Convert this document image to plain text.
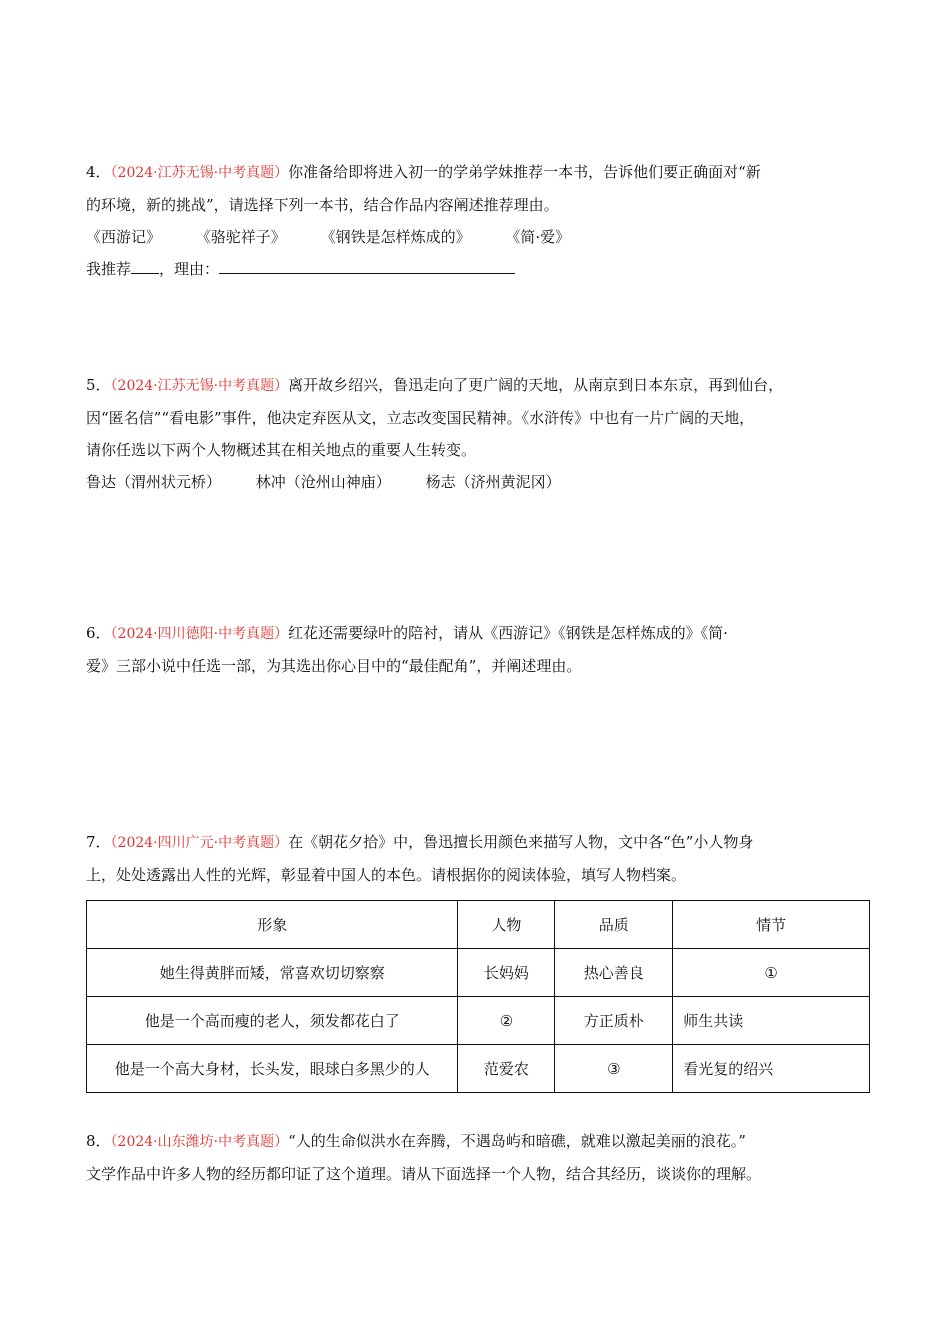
4．（2024·江苏无锡·中考真题）你准备给即将进入初一的学弟学妹推荐一本书，告诉他们要正确面对“新
的环境，新的挑战”，请选择下列一本书，结合作品内容阐述推荐理由。
《西游记》 《骆驼祥子》 《钢铁是怎样炼成的》 《简·爱》
我推荐 ，理由：
5．（2024·江苏无锡·中考真题）离开故乡绍兴，鲁迅走向了更广阔的天地，从南京到日本东京，再到仙台，
因“匿名信”“看电影”事件，他决定弃医从文，立志改变国民精神。《水浒传》中也有一片广阔的天地，
请你任选以下两个人物概述其在相关地点的重要人生转变。
鲁达（渭州状元桥） 林冲（沧州山神庙） 杨志（济州黄泥冈）
6．（2024·四川德阳·中考真题）红花还需要绿叶的陪衬，请从《西游记》《钢铁是怎样炼成的》《简·
爱》三部小说中任选一部，为其选出你心目中的“最佳配角”，并阐述理由。
7．（2024·四川广元·中考真题）在《朝花夕拾》中，鲁迅擅长用颜色来描写人物，文中各“色”小人物身
上，处处透露出人性的光辉，彰显着中国人的本色。请根据你的阅读体验，填写人物档案。
形象	人物	品质	情节
她生得黄胖而矮，常喜欢切切察察	长妈妈	热心善良	①
他是一个高而瘦的老人，须发都花白了	②	方正质朴	师生共读
他是一个高大身材，长头发，眼球白多黑少的人	范爱农	③	看光复的绍兴
8．（2024·山东潍坊·中考真题）“人的生命似洪水在奔腾，不遇岛屿和暗礁，就难以激起美丽的浪花。”
文学作品中许多人物的经历都印证了这个道理。请从下面选择一个人物，结合其经历，谈谈你的理解。
